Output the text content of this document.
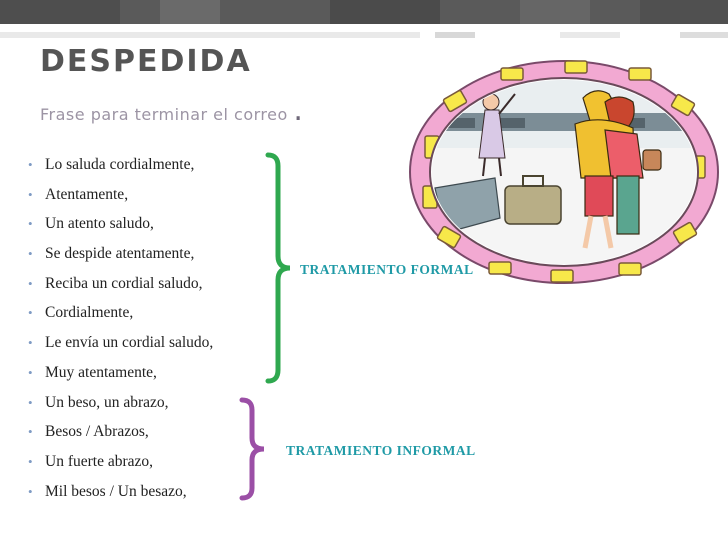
DESPEDIDA
Frase para terminar el correo .
• Lo saluda cordialmente,
• Atentamente,
• Un atento saludo,
• Se despide atentamente,
• Reciba un cordial saludo,
• Cordialmente,
• Le envía un cordial saludo,
• Muy atentamente,
• Un beso, un abrazo,
• Besos / Abrazos,
• Un fuerte abrazo,
• Mil besos / Un besazo,
TRATAMIENTO FORMAL
TRATAMIENTO INFORMAL
